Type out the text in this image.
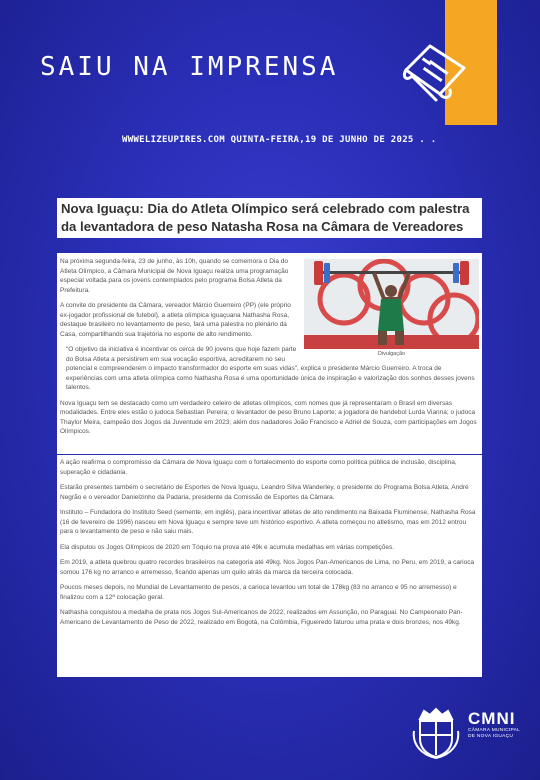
SAIU NA IMPRENSA
WWWELIZEUPIRES.COM QUINTA-FEIRA,19 DE JUNHO DE 2025 . .
Nova Iguaçu: Dia do Atleta Olímpico será celebrado com palestra da levantadora de peso Natasha Rosa na Câmara de Vereadores
Divulgação

Na próxima segunda-feira, 23 de junho, às 10h, quando se comemora o Dia do Atleta Olímpico, a Câmara Municipal de Nova Iguaçu realiza uma programação especial voltada para os jovens contemplados pelo programa Bolsa Atleta da Prefeitura.

A convite do presidente da Câmara, vereador Márcio Guerreiro (PP) (ele próprio ex-jogador profissional de futebol), a atleta olímpica iguaçuana Nathasha Rosa, destaque brasileiro no levantamento de peso, fará uma palestra no plenário da Casa, compartilhando sua trajetória no esporte de alto rendimento.

"O objetivo da iniciativa é incentivar os cerca de 90 jovens que hoje fazem parte do Bolsa Atleta a persistirem em sua vocação esportiva, acreditarem no seu potencial e compreenderem o impacto transformador do esporte em suas vidas", explica o presidente Márcio Guerreiro. A troca de experiências com uma atleta olímpica como Nathasha Rosa é uma oportunidade única de inspiração e valorização dos sonhos desses jovens talentos.

Nova Iguaçu tem se destacado como um verdadeiro celeiro de atletas olímpicos, com nomes que já representaram o Brasil em diversas modalidades. Entre eles estão o judoca Sebastian Pereira; o levantador de peso Bruno Laporte; a jogadora de handebol Lurda Vianna; o judoca Thaylor Meira, campeão dos Jogos da Juventude em 2023; além dos nadadores João Francisco e Adriel de Souza, com participações em Jogos Olímpicos.

A ação reafirma o compromisso da Câmara de Nova Iguaçu com o fortalecimento do esporte como política pública de inclusão, disciplina, superação e cidadania.

Estarão presentes também o secretário de Esportes de Nova Iguaçu, Leandro Silva Wanderley, o presidente do Programa Bolsa Atleta, André Negrão e o vereador Danielzinho da Padaria, presidente da Comissão de Esportes da Câmara.

Instituto – Fundadora do Instituto Seed (semente, em inglês), para incentivar atletas de alto rendimento na Baixada Fluminense, Nathasha Rosa (16 de fevereiro de 1996) nasceu em Nova Iguaçu e sempre teve um histórico esportivo. A atleta começou no atletismo, mas em 2012 entrou para o levantamento de peso e não saiu mais.

Ela disputou os Jogos Olímpicos de 2020 em Tóquio na prova até 49k e acumula medalhas em várias competições.

Em 2019, a atleta quebrou quatro recordes brasileiros na categoria até 49kg. Nos Jogos Pan-Americanos de Lima, no Peru, em 2019, a carioca somou 176 kg no arranco e arremesso, ficando apenas um quilo atrás da marca da terceira colocada.

Poucos meses depois, no Mundial de Levantamento de pesos, a carioca levantou um total de 178kg (83 no arranco e 95 no arremesso) e finalizou com a 12ª colocação geral.

Nathasha conquistou a medalha de prata nos Jogos Sul-Americanos de 2022, realizados em Assunção, no Paraguai. No Campeonato Pan-Americano de Levantamento de Peso de 2022, realizado em Bogotá, na Colômbia, Figueiredo faturou uma prata e dois bronzes, nos 49kg.

CMNI
CÂMARA MUNICIPAL
DE NOVA IGUAÇU
